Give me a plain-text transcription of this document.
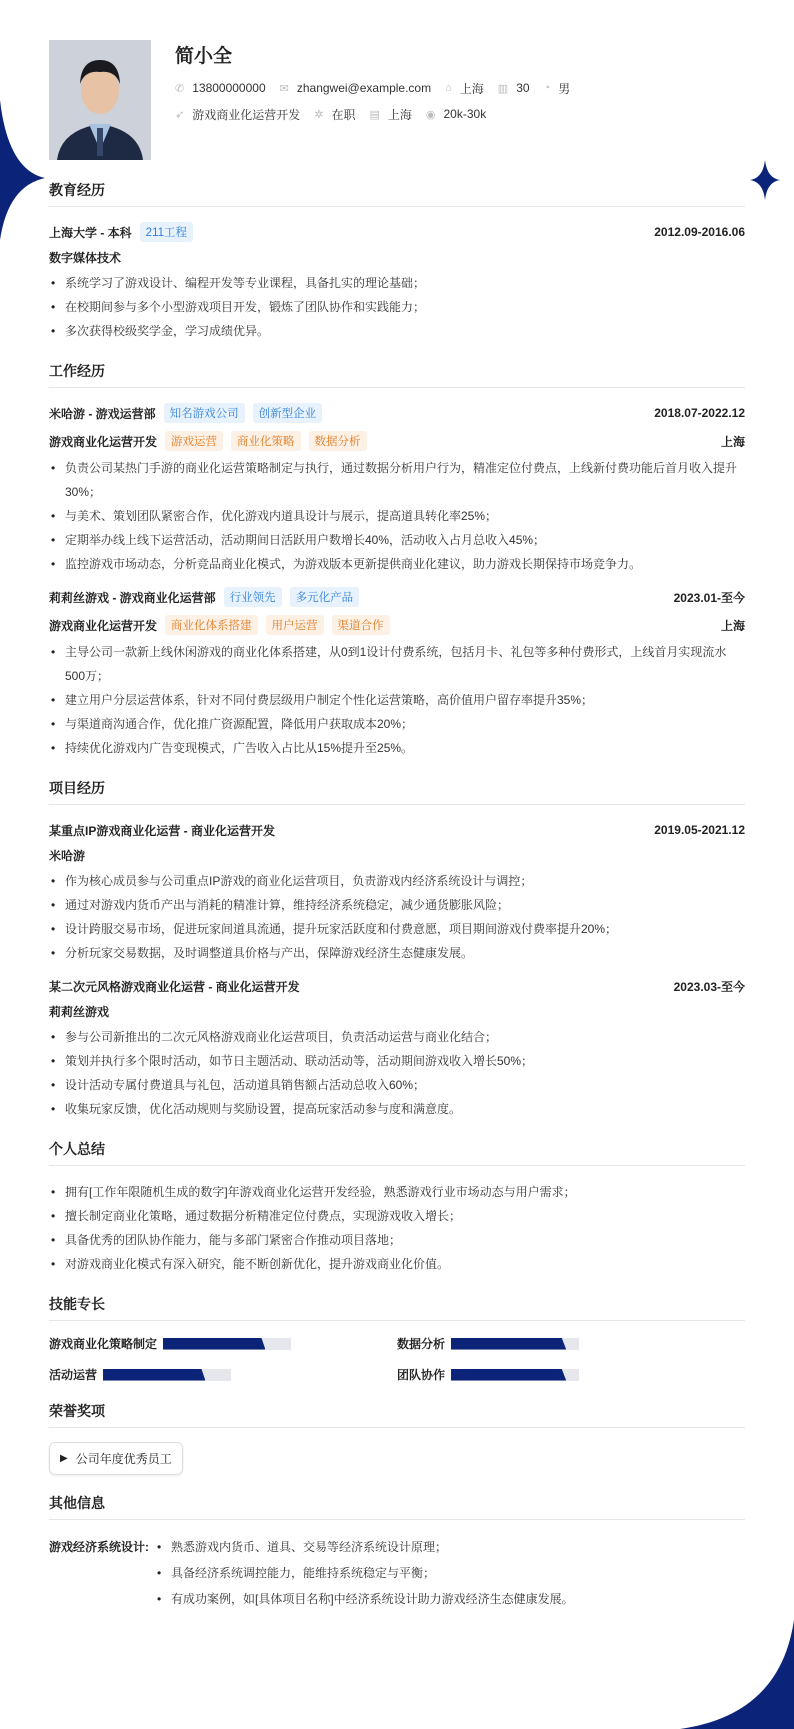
简小全
✆ 13800000000 ✉ zhangwei@example.com ⌂ 上海 ▥ 30 ◔ 男
➶ 游戏商业化运营开发 ✲ 在职 ▤ 上海 ◉ 20k-30k
教育经历
上海大学 - 本科	211工程	2012.09-2016.06
数字媒体技术
• 系统学习了游戏设计、编程开发等专业课程，具备扎实的理论基础；
• 在校期间参与多个小型游戏项目开发，锻炼了团队协作和实践能力；
• 多次获得校级奖学金，学习成绩优异。
工作经历
米哈游 - 游戏运营部	知名游戏公司	创新型企业	2018.07-2022.12
游戏商业化运营开发	游戏运营	商业化策略	数据分析	上海
• 负责公司某热门手游的商业化运营策略制定与执行，通过数据分析用户行为，精准定位付费点，上线新付费功能后首月收入提升30%；
• 与美术、策划团队紧密合作，优化游戏内道具设计与展示，提高道具转化率25%；
• 定期举办线上线下运营活动，活动期间日活跃用户数增长40%，活动收入占月总收入45%；
• 监控游戏市场动态，分析竞品商业化模式，为游戏版本更新提供商业化建议，助力游戏长期保持市场竞争力。
莉莉丝游戏 - 游戏商业化运营部	行业领先	多元化产品	2023.01-至今
游戏商业化运营开发	商业化体系搭建	用户运营	渠道合作	上海
• 主导公司一款新上线休闲游戏的商业化体系搭建，从0到1设计付费系统，包括月卡、礼包等多种付费形式，上线首月实现流水500万；
• 建立用户分层运营体系，针对不同付费层级用户制定个性化运营策略，高价值用户留存率提升35%；
• 与渠道商沟通合作，优化推广资源配置，降低用户获取成本20%；
• 持续优化游戏内广告变现模式，广告收入占比从15%提升至25%。
项目经历
某重点IP游戏商业化运营 - 商业化运营开发	2019.05-2021.12
米哈游
• 作为核心成员参与公司重点IP游戏的商业化运营项目，负责游戏内经济系统设计与调控；
• 通过对游戏内货币产出与消耗的精准计算，维持经济系统稳定，减少通货膨胀风险；
• 设计跨服交易市场，促进玩家间道具流通，提升玩家活跃度和付费意愿，项目期间游戏付费率提升20%；
• 分析玩家交易数据，及时调整道具价格与产出，保障游戏经济生态健康发展。
某二次元风格游戏商业化运营 - 商业化运营开发	2023.03-至今
莉莉丝游戏
• 参与公司新推出的二次元风格游戏商业化运营项目，负责活动运营与商业化结合；
• 策划并执行多个限时活动，如节日主题活动、联动活动等，活动期间游戏收入增长50%；
• 设计活动专属付费道具与礼包，活动道具销售额占活动总收入60%；
• 收集玩家反馈，优化活动规则与奖励设置，提高玩家活动参与度和满意度。
个人总结
• 拥有[工作年限随机生成的数字]年游戏商业化运营开发经验，熟悉游戏行业市场动态与用户需求；
• 擅长制定商业化策略，通过数据分析精准定位付费点，实现游戏收入增长；
• 具备优秀的团队协作能力，能与多部门紧密合作推动项目落地；
• 对游戏商业化模式有深入研究，能不断创新优化，提升游戏商业化价值。
技能专长
游戏商业化策略制定	数据分析
活动运营	团队协作
荣誉奖项
▶ 公司年度优秀员工
其他信息
游戏经济系统设计:	• 熟悉游戏内货币、道具、交易等经济系统设计原理；
• 具备经济系统调控能力，能维持系统稳定与平衡；
• 有成功案例，如[具体项目名称]中经济系统设计助力游戏经济生态健康发展。
